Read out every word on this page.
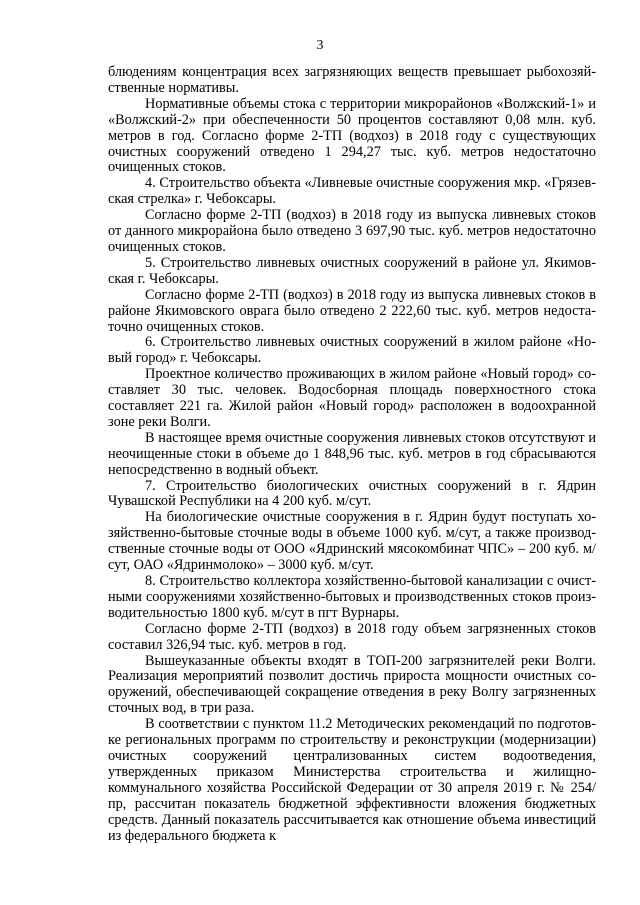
3

блюдениям концентрация всех загрязняющих веществ превышает рыбохозяйственные нормативы.

Нормативные объемы стока с территории микрорайонов «Волжский-1» и «Волжский-2» при обеспеченности 50 процентов составляют 0,08 млн. куб. метров в год. Согласно форме 2-ТП (водхоз) в 2018 году с существующих очистных сооружений отведено 1 294,27 тыс. куб. метров недостаточно очищенных стоков.

4. Строительство объекта «Ливневые очистные сооружения мкр. «Грязевская стрелка» г. Чебоксары.

Согласно форме 2-ТП (водхоз) в 2018 году из выпуска ливневых стоков от данного микрорайона было отведено 3 697,90 тыс. куб. метров недостаточно очищенных стоков.

5. Строительство ливневых очистных сооружений в районе ул. Якимовская г. Чебоксары.

Согласно форме 2-ТП (водхоз) в 2018 году из выпуска ливневых стоков в районе Якимовского оврага было отведено 2 222,60 тыс. куб. метров недостаточно очищенных стоков.

6. Строительство ливневых очистных сооружений в жилом районе «Новый город» г. Чебоксары.

Проектное количество проживающих в жилом районе «Новый город» составляет 30 тыс. человек. Водосборная площадь поверхностного стока составляет 221 га. Жилой район «Новый город» расположен в водоохранной зоне реки Волги.

В настоящее время очистные сооружения ливневых стоков отсутствуют и неочищенные стоки в объеме до 1 848,96 тыс. куб. метров в год сбрасываются непосредственно в водный объект.

7. Строительство биологических очистных сооружений в г. Ядрин Чувашской Республики на 4 200 куб. м/сут.

На биологические очистные сооружения в г. Ядрин будут поступать хозяйственно-бытовые сточные воды в объеме 1000 куб. м/сут, а также производственные сточные воды от ООО «Ядринский мясокомбинат ЧПС» – 200 куб. м/сут, ОАО «Ядринмолоко» – 3000 куб. м/сут.

8. Строительство коллектора хозяйственно-бытовой канализации с очистными сооружениями хозяйственно-бытовых и производственных стоков производительностью 1800 куб. м/сут в пгт Вурнары.

Согласно форме 2-ТП (водхоз) в 2018 году объем загрязненных стоков составил 326,94 тыс. куб. метров в год.

Вышеуказанные объекты входят в ТОП-200 загрязнителей реки Волги. Реализация мероприятий позволит достичь прироста мощности очистных сооружений, обеспечивающей сокращение отведения в реку Волгу загрязненных сточных вод, в три раза.

В соответствии с пунктом 11.2 Методических рекомендаций по подготовке региональных программ по строительству и реконструкции (модернизации) очистных сооружений централизованных систем водоотведения, утвержденных приказом Министерства строительства и жилищно-коммунального хозяйства Российской Федерации от 30 апреля 2019 г. № 254/пр, рассчитан показатель бюджетной эффективности вложения бюджетных средств. Данный показатель рассчитывается как отношение объема инвестиций из федерального бюджета к
